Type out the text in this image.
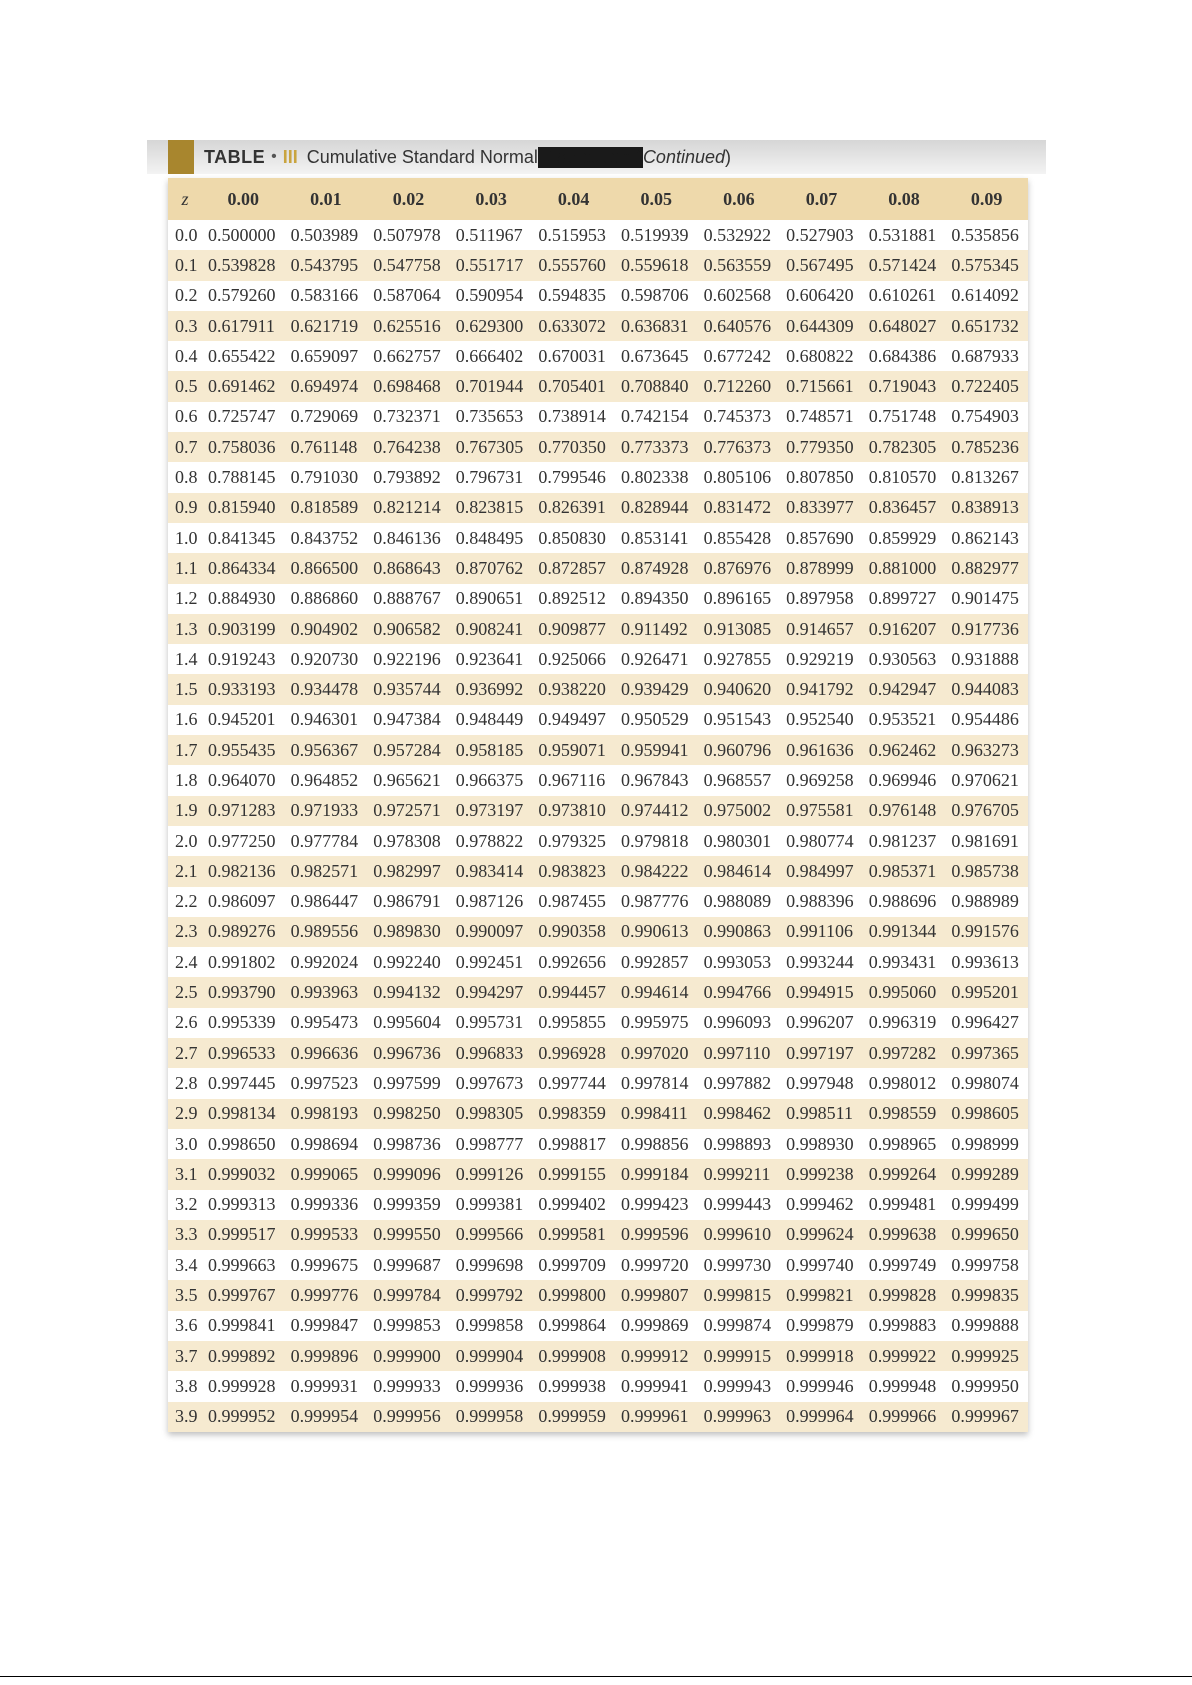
TABLE • III Cumulative Standard Normal Distribution ( Continued )
z	0.00	0.01	0.02	0.03	0.04	0.05	0.06	0.07	0.08	0.09
0.0	0.500000	0.503989	0.507978	0.511967	0.515953	0.519939	0.532922	0.527903	0.531881	0.535856
0.1	0.539828	0.543795	0.547758	0.551717	0.555760	0.559618	0.563559	0.567495	0.571424	0.575345
0.2	0.579260	0.583166	0.587064	0.590954	0.594835	0.598706	0.602568	0.606420	0.610261	0.614092
0.3	0.617911	0.621719	0.625516	0.629300	0.633072	0.636831	0.640576	0.644309	0.648027	0.651732
0.4	0.655422	0.659097	0.662757	0.666402	0.670031	0.673645	0.677242	0.680822	0.684386	0.687933
0.5	0.691462	0.694974	0.698468	0.701944	0.705401	0.708840	0.712260	0.715661	0.719043	0.722405
0.6	0.725747	0.729069	0.732371	0.735653	0.738914	0.742154	0.745373	0.748571	0.751748	0.754903
0.7	0.758036	0.761148	0.764238	0.767305	0.770350	0.773373	0.776373	0.779350	0.782305	0.785236
0.8	0.788145	0.791030	0.793892	0.796731	0.799546	0.802338	0.805106	0.807850	0.810570	0.813267
0.9	0.815940	0.818589	0.821214	0.823815	0.826391	0.828944	0.831472	0.833977	0.836457	0.838913
1.0	0.841345	0.843752	0.846136	0.848495	0.850830	0.853141	0.855428	0.857690	0.859929	0.862143
1.1	0.864334	0.866500	0.868643	0.870762	0.872857	0.874928	0.876976	0.878999	0.881000	0.882977
1.2	0.884930	0.886860	0.888767	0.890651	0.892512	0.894350	0.896165	0.897958	0.899727	0.901475
1.3	0.903199	0.904902	0.906582	0.908241	0.909877	0.911492	0.913085	0.914657	0.916207	0.917736
1.4	0.919243	0.920730	0.922196	0.923641	0.925066	0.926471	0.927855	0.929219	0.930563	0.931888
1.5	0.933193	0.934478	0.935744	0.936992	0.938220	0.939429	0.940620	0.941792	0.942947	0.944083
1.6	0.945201	0.946301	0.947384	0.948449	0.949497	0.950529	0.951543	0.952540	0.953521	0.954486
1.7	0.955435	0.956367	0.957284	0.958185	0.959071	0.959941	0.960796	0.961636	0.962462	0.963273
1.8	0.964070	0.964852	0.965621	0.966375	0.967116	0.967843	0.968557	0.969258	0.969946	0.970621
1.9	0.971283	0.971933	0.972571	0.973197	0.973810	0.974412	0.975002	0.975581	0.976148	0.976705
2.0	0.977250	0.977784	0.978308	0.978822	0.979325	0.979818	0.980301	0.980774	0.981237	0.981691
2.1	0.982136	0.982571	0.982997	0.983414	0.983823	0.984222	0.984614	0.984997	0.985371	0.985738
2.2	0.986097	0.986447	0.986791	0.987126	0.987455	0.987776	0.988089	0.988396	0.988696	0.988989
2.3	0.989276	0.989556	0.989830	0.990097	0.990358	0.990613	0.990863	0.991106	0.991344	0.991576
2.4	0.991802	0.992024	0.992240	0.992451	0.992656	0.992857	0.993053	0.993244	0.993431	0.993613
2.5	0.993790	0.993963	0.994132	0.994297	0.994457	0.994614	0.994766	0.994915	0.995060	0.995201
2.6	0.995339	0.995473	0.995604	0.995731	0.995855	0.995975	0.996093	0.996207	0.996319	0.996427
2.7	0.996533	0.996636	0.996736	0.996833	0.996928	0.997020	0.997110	0.997197	0.997282	0.997365
2.8	0.997445	0.997523	0.997599	0.997673	0.997744	0.997814	0.997882	0.997948	0.998012	0.998074
2.9	0.998134	0.998193	0.998250	0.998305	0.998359	0.998411	0.998462	0.998511	0.998559	0.998605
3.0	0.998650	0.998694	0.998736	0.998777	0.998817	0.998856	0.998893	0.998930	0.998965	0.998999
3.1	0.999032	0.999065	0.999096	0.999126	0.999155	0.999184	0.999211	0.999238	0.999264	0.999289
3.2	0.999313	0.999336	0.999359	0.999381	0.999402	0.999423	0.999443	0.999462	0.999481	0.999499
3.3	0.999517	0.999533	0.999550	0.999566	0.999581	0.999596	0.999610	0.999624	0.999638	0.999650
3.4	0.999663	0.999675	0.999687	0.999698	0.999709	0.999720	0.999730	0.999740	0.999749	0.999758
3.5	0.999767	0.999776	0.999784	0.999792	0.999800	0.999807	0.999815	0.999821	0.999828	0.999835
3.6	0.999841	0.999847	0.999853	0.999858	0.999864	0.999869	0.999874	0.999879	0.999883	0.999888
3.7	0.999892	0.999896	0.999900	0.999904	0.999908	0.999912	0.999915	0.999918	0.999922	0.999925
3.8	0.999928	0.999931	0.999933	0.999936	0.999938	0.999941	0.999943	0.999946	0.999948	0.999950
3.9	0.999952	0.999954	0.999956	0.999958	0.999959	0.999961	0.999963	0.999964	0.999966	0.999967
